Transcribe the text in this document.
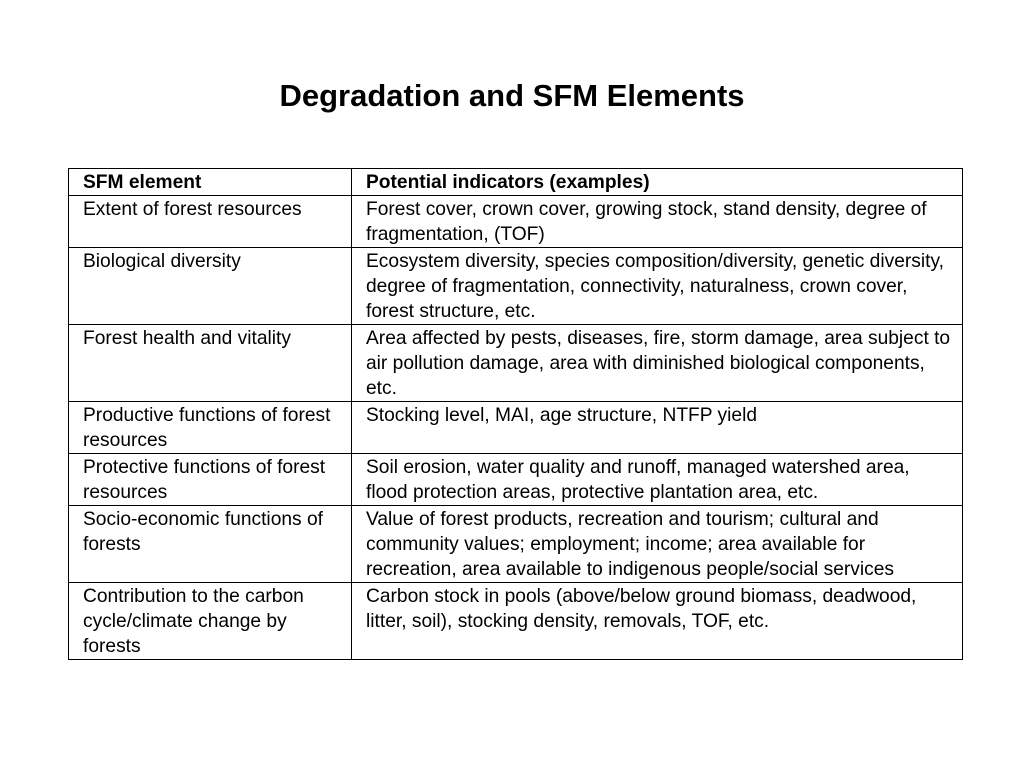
Degradation and SFM Elements
SFM element	Potential indicators (examples)
Extent of forest resources	Forest cover, crown cover, growing stock, stand density, degree of fragmentation, (TOF)
Biological diversity	Ecosystem diversity, species composition/diversity, genetic diversity, degree of fragmentation, connectivity, naturalness, crown cover, forest structure, etc.
Forest health and vitality	Area affected by pests, diseases, fire, storm damage, area subject to air pollution damage, area with diminished biological components, etc.
Productive functions of forest resources	Stocking level, MAI, age structure, NTFP yield
Protective functions of forest resources	Soil erosion, water quality and runoff, managed watershed area, flood protection areas, protective plantation area, etc.
Socio-economic functions of forests	Value of forest products, recreation and tourism; cultural and community values; employment; income; area available for recreation, area available to indigenous people/social services
Contribution to the carbon cycle/climate change by forests	Carbon stock in pools (above/below ground biomass, deadwood, litter, soil), stocking density, removals, TOF, etc.
